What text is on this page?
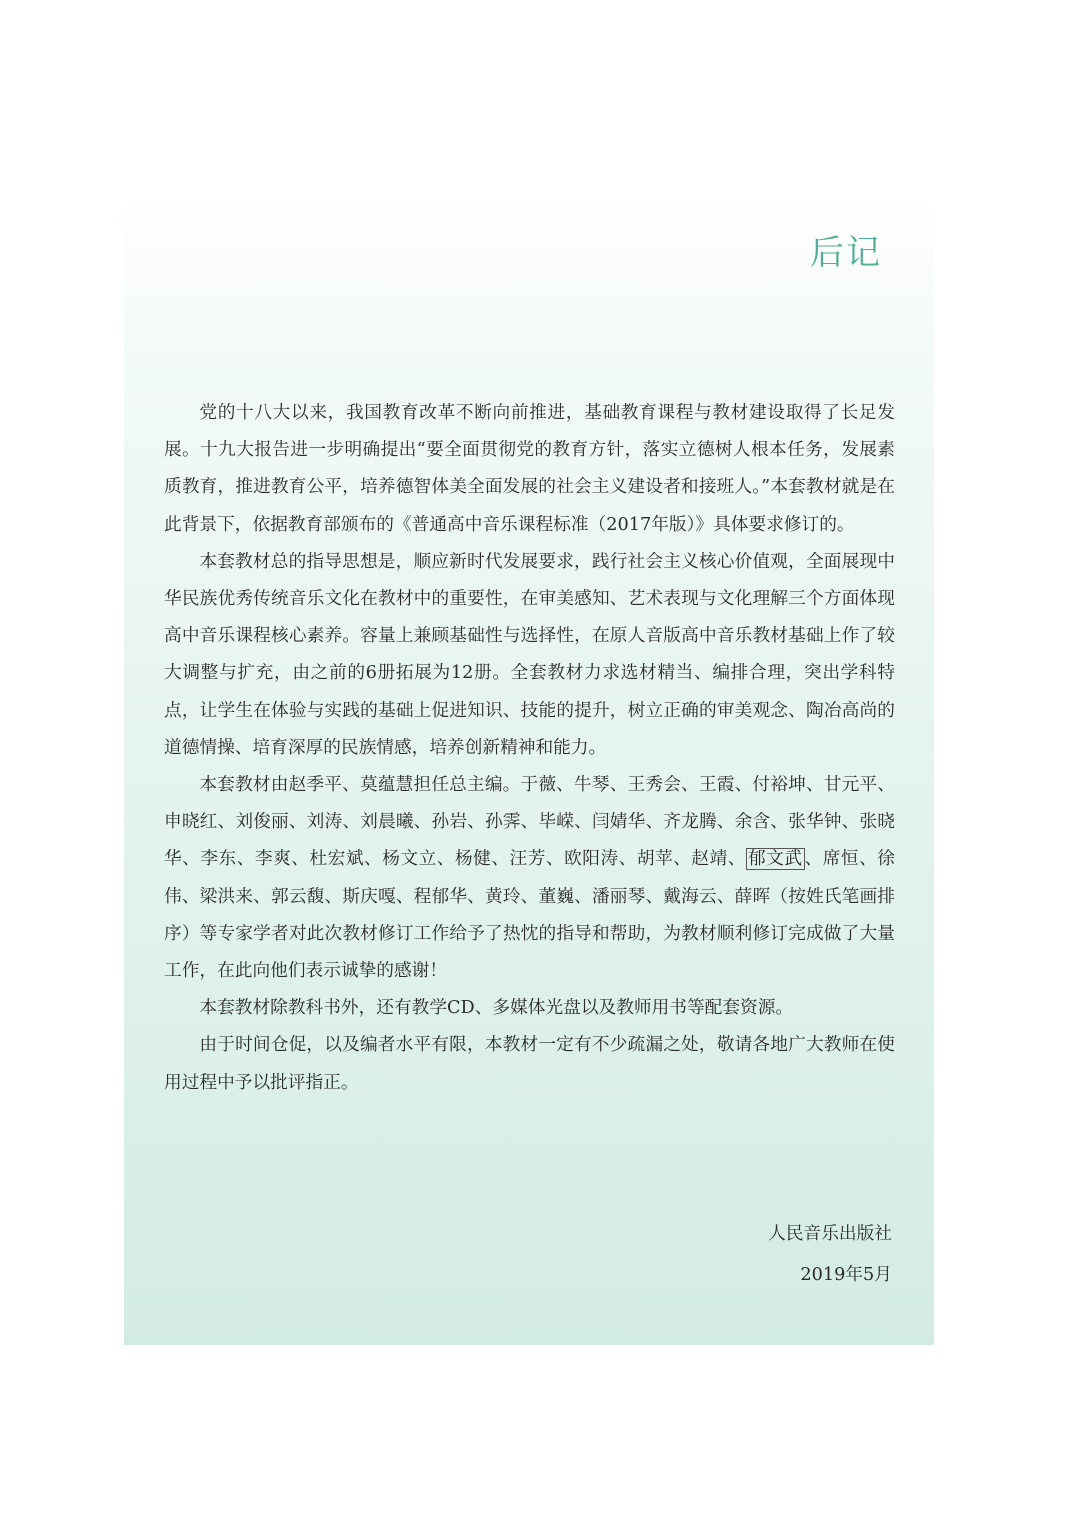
后记

党的十八大以来，我国教育改革不断向前推进，基础教育课程与教材建设取得了长足发展。十九大报告进一步明确提出“要全面贯彻党的教育方针，落实立德树人根本任务，发展素质教育，推进教育公平，培养德智体美全面发展的社会主义建设者和接班人。”本套教材就是在此背景下，依据教育部颁布的《普通高中音乐课程标准（2017年版）》具体要求修订的。

本套教材总的指导思想是，顺应新时代发展要求，践行社会主义核心价值观，全面展现中华民族优秀传统音乐文化在教材中的重要性，在审美感知、艺术表现与文化理解三个方面体现高中音乐课程核心素养。容量上兼顾基础性与选择性，在原人音版高中音乐教材基础上作了较大调整与扩充，由之前的6册拓展为12册。全套教材力求选材精当、编排合理，突出学科特点，让学生在体验与实践的基础上促进知识、技能的提升，树立正确的审美观念、陶冶高尚的道德情操、培育深厚的民族情感，培养创新精神和能力。

本套教材由赵季平、莫蕴慧担任总主编。于薇、牛琴、王秀会、王霞、付裕坤、甘元平、申晓红、刘俊丽、刘涛、刘晨曦、孙岩、孙霁、毕嵘、闫婧华、齐龙腾、余含、张华钟、张晓华、李东、李爽、杜宏斌、杨文立、杨健、汪芳、欧阳涛、胡苹、赵靖、 郁文武 、席恒、徐伟、梁洪来、郭云馥、斯庆嘎、程郁华、黄玲、董巍、潘丽琴、戴海云、薛晖（按姓氏笔画排序）等专家学者对此次教材修订工作给予了热忱的指导和帮助，为教材顺利修订完成做了大量工作，在此向他们表示诚挚的感谢！

本套教材除教科书外，还有教学CD、多媒体光盘以及教师用书等配套资源。

由于时间仓促，以及编者水平有限，本教材一定有不少疏漏之处，敬请各地广大教师在使用过程中予以批评指正。

人民音乐出版社
2019年5月
